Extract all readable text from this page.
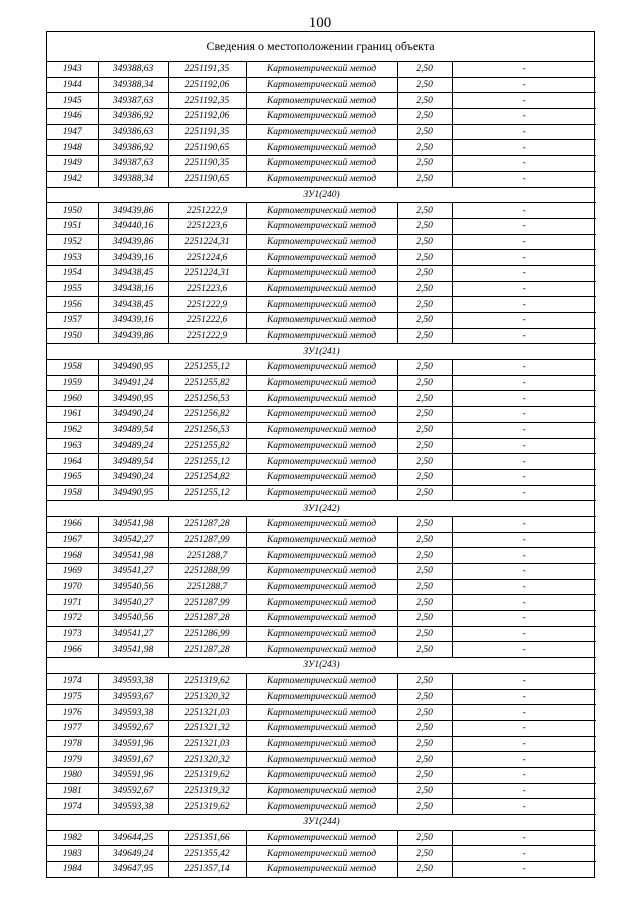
100
Сведения о местоположении границ объекта
1943	349388,63	2251191,35	Картометрический метод	2,50	-
1944	349388,34	2251192,06	Картометрический метод	2,50	-
1945	349387,63	2251192,35	Картометрический метод	2,50	-
1946	349386,92	2251192,06	Картометрический метод	2,50	-
1947	349386,63	2251191,35	Картометрический метод	2,50	-
1948	349386,92	2251190,65	Картометрический метод	2,50	-
1949	349387,63	2251190,35	Картометрический метод	2,50	-
1942	349388,34	2251190,65	Картометрический метод	2,50	-
ЗУ1(240)					
1950	349439,86	2251222,9	Картометрический метод	2,50	-
1951	349440,16	2251223,6	Картометрический метод	2,50	-
1952	349439,86	2251224,31	Картометрический метод	2,50	-
1953	349439,16	2251224,6	Картометрический метод	2,50	-
1954	349438,45	2251224,31	Картометрический метод	2,50	-
1955	349438,16	2251223,6	Картометрический метод	2,50	-
1956	349438,45	2251222,9	Картометрический метод	2,50	-
1957	349439,16	2251222,6	Картометрический метод	2,50	-
1950	349439,86	2251222,9	Картометрический метод	2,50	-
ЗУ1(241)					
1958	349490,95	2251255,12	Картометрический метод	2,50	-
1959	349491,24	2251255,82	Картометрический метод	2,50	-
1960	349490,95	2251256,53	Картометрический метод	2,50	-
1961	349490,24	2251256,82	Картометрический метод	2,50	-
1962	349489,54	2251256,53	Картометрический метод	2,50	-
1963	349489,24	2251255,82	Картометрический метод	2,50	-
1964	349489,54	2251255,12	Картометрический метод	2,50	-
1965	349490,24	2251254,82	Картометрический метод	2,50	-
1958	349490,95	2251255,12	Картометрический метод	2,50	-
ЗУ1(242)					
1966	349541,98	2251287,28	Картометрический метод	2,50	-
1967	349542,27	2251287,99	Картометрический метод	2,50	-
1968	349541,98	2251288,7	Картометрический метод	2,50	-
1969	349541,27	2251288,99	Картометрический метод	2,50	-
1970	349540,56	2251288,7	Картометрический метод	2,50	-
1971	349540,27	2251287,99	Картометрический метод	2,50	-
1972	349540,56	2251287,28	Картометрический метод	2,50	-
1973	349541,27	2251286,99	Картометрический метод	2,50	-
1966	349541,98	2251287,28	Картометрический метод	2,50	-
ЗУ1(243)					
1974	349593,38	2251319,62	Картометрический метод	2,50	-
1975	349593,67	2251320,32	Картометрический метод	2,50	-
1976	349593,38	2251321,03	Картометрический метод	2,50	-
1977	349592,67	2251321,32	Картометрический метод	2,50	-
1978	349591,96	2251321,03	Картометрический метод	2,50	-
1979	349591,67	2251320,32	Картометрический метод	2,50	-
1980	349591,96	2251319,62	Картометрический метод	2,50	-
1981	349592,67	2251319,32	Картометрический метод	2,50	-
1974	349593,38	2251319,62	Картометрический метод	2,50	-
ЗУ1(244)					
1982	349644,25	2251351,66	Картометрический метод	2,50	-
1983	349649,24	2251355,42	Картометрический метод	2,50	-
1984	349647,95	2251357,14	Картометрический метод	2,50	-
